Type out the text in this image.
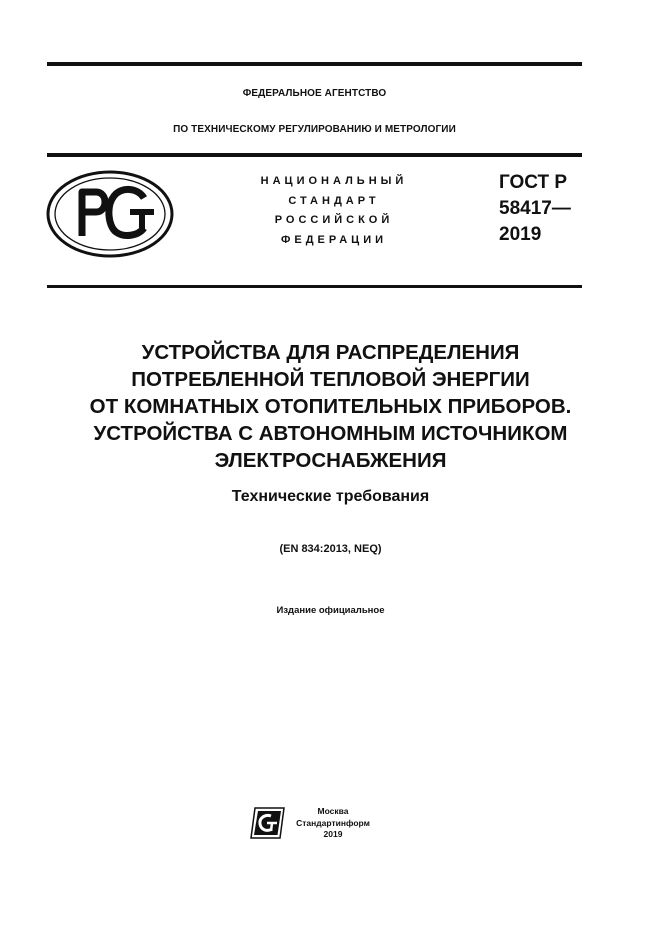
ФЕДЕРАЛЬНОЕ АГЕНТСТВО
ПО ТЕХНИЧЕСКОМУ РЕГУЛИРОВАНИЮ И МЕТРОЛОГИИ
НАЦИОНАЛЬНЫЙ
СТАНДАРТ
РОССИЙСКОЙ
ФЕДЕРАЦИИ
ГОСТ Р
58417—
2019
УСТРОЙСТВА ДЛЯ РАСПРЕДЕЛЕНИЯ
ПОТРЕБЛЕННОЙ ТЕПЛОВОЙ ЭНЕРГИИ
ОТ КОМНАТНЫХ ОТОПИТЕЛЬНЫХ ПРИБОРОВ.
УСТРОЙСТВА С АВТОНОМНЫМ ИСТОЧНИКОМ
ЭЛЕКТРОСНАБЖЕНИЯ
Технические требования
(EN 834:2013, NEQ)
Издание официальное
Москва
Стандартинформ
2019
